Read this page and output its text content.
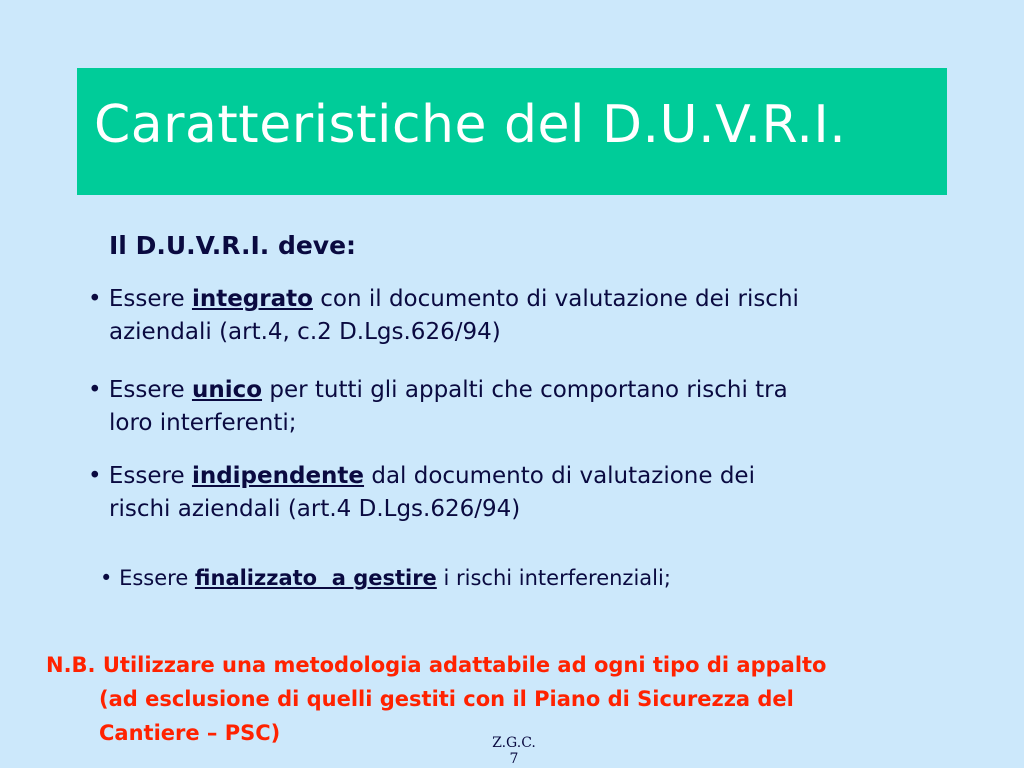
Caratteristiche del D.U.V.R.I.
Il D.U.V.R.I. deve:
• Essere integrato con il documento di valutazione dei rischi
aziendali (art.4, c.2 D.Lgs.626/94)
• Essere unico per tutti gli appalti che comportano rischi tra
loro interferenti;
• Essere indipendente dal documento di valutazione dei
rischi aziendali (art.4 D.Lgs.626/94)
• Essere finalizzato  a gestire i rischi interferenziali;
N.B. Utilizzare una metodologia adattabile ad ogni tipo di appalto
(ad esclusione di quelli gestiti con il Piano di Sicurezza del
Cantiere – PSC)	Z.G.C.
7
